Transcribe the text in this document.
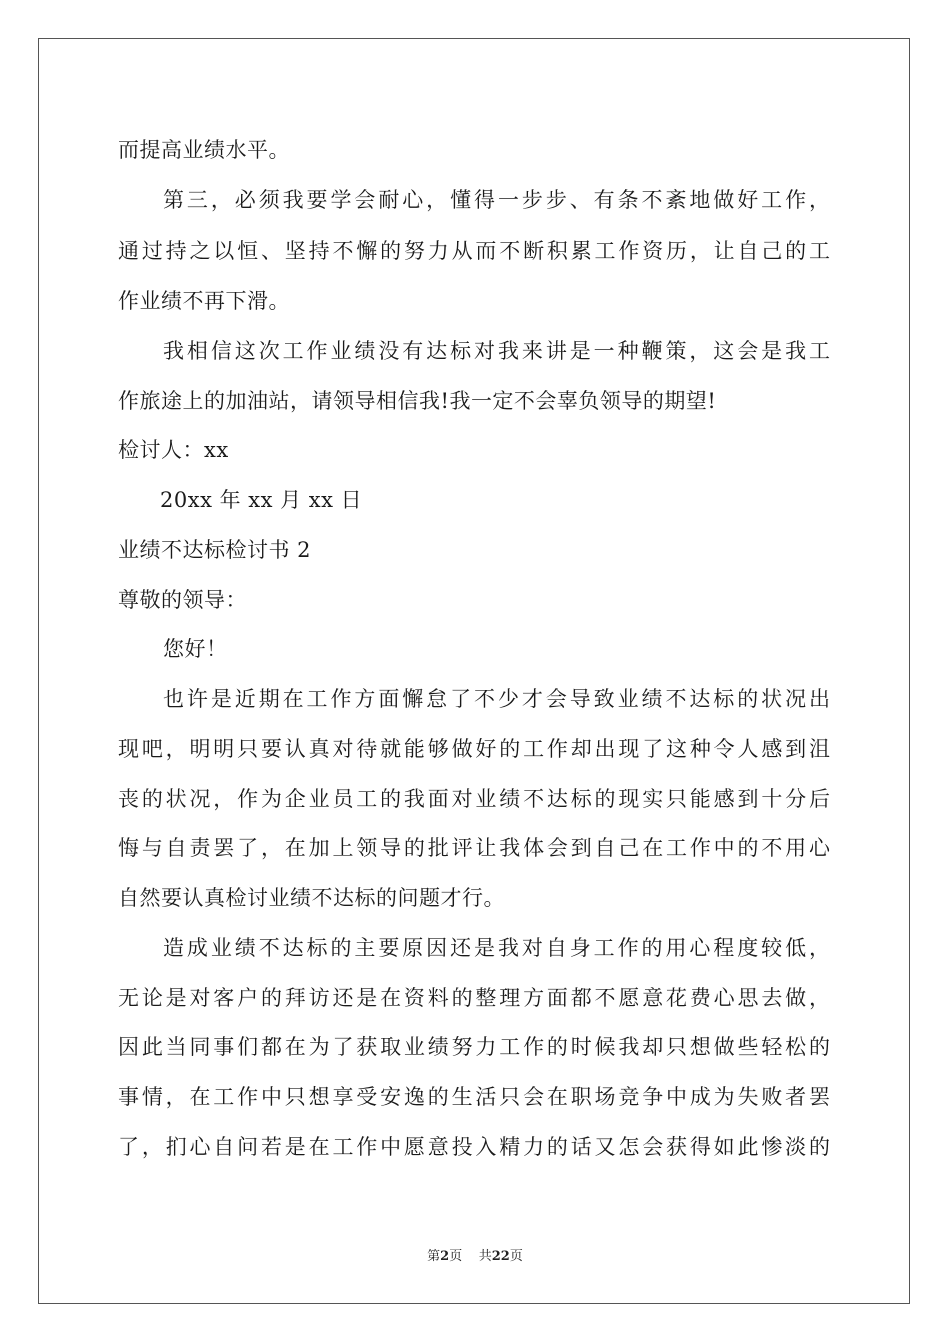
而提高业绩水平。
第三，必须我要学会耐心，懂得一步步、有条不紊地做好工作，
通过持之以恒、坚持不懈的努力从而不断积累工作资历，让自己的工
作业绩不再下滑。
我相信这次工作业绩没有达标对我来讲是一种鞭策，这会是我工
作旅途上的加油站，请领导相信我!我一定不会辜负领导的期望!
检讨人：xx
20xx 年 xx 月 xx 日
业绩不达标检讨书 2
尊敬的领导：
您好！
也许是近期在工作方面懈怠了不少才会导致业绩不达标的状况出
现吧，明明只要认真对待就能够做好的工作却出现了这种令人感到沮
丧的状况，作为企业员工的我面对业绩不达标的现实只能感到十分后
悔与自责罢了，在加上领导的批评让我体会到自己在工作中的不用心
自然要认真检讨业绩不达标的问题才行。
造成业绩不达标的主要原因还是我对自身工作的用心程度较低，
无论是对客户的拜访还是在资料的整理方面都不愿意花费心思去做，
因此当同事们都在为了获取业绩努力工作的时候我却只想做些轻松的
事情，在工作中只想享受安逸的生活只会在职场竞争中成为失败者罢
了，扪心自问若是在工作中愿意投入精力的话又怎会获得如此惨淡的
第2页 共22页
